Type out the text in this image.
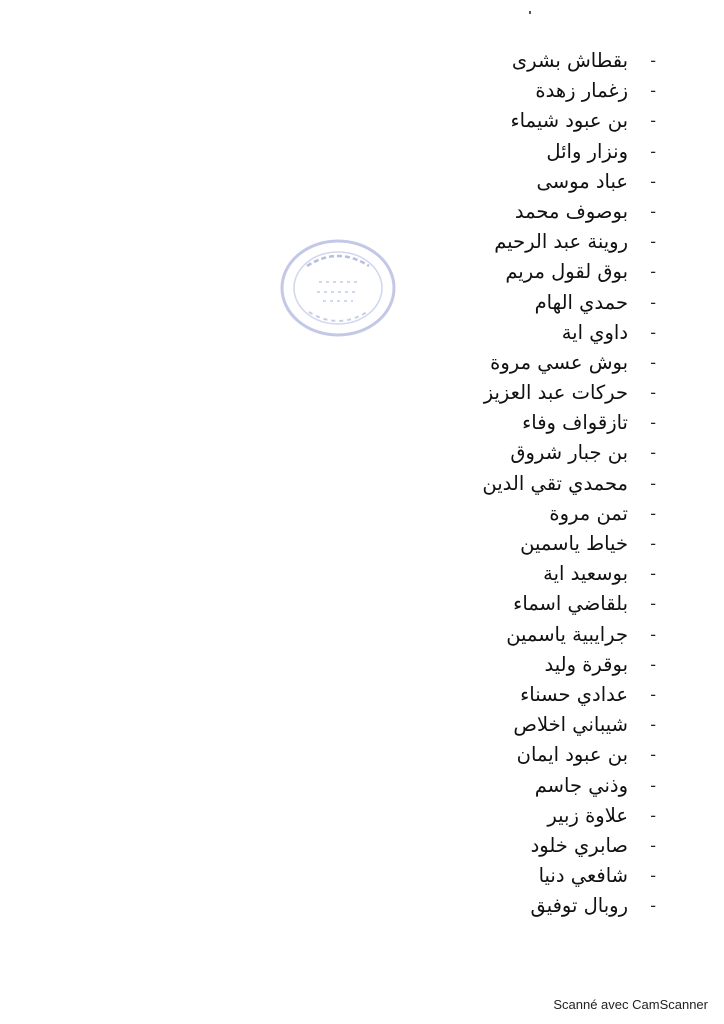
بقطاش بشرى -
زغمار زهدة -
بن عبود شيماء -
ونزار وائل -
عباد موسى -
بوصوف محمد -
روينة عبد الرحيم -
بوق لقول مريم -
حمدي الهام -
داوي اية -
بوش عسي مروة -
حركات عبد العزيز -
تازقواف وفاء -
بن جبار شروق -
محمدي تقي الدين -
تمن مروة -
خياط ياسمين -
بوسعيد اية -
بلقاضي اسماء -
جرايبية ياسمين -
بوقرة وليد -
عدادي حسناء -
شيباني اخلاص -
بن عبود ايمان -
وذني جاسم -
علاوة زبير -
صابري خلود -
شافعي دنيا -
روبال توفيق -
Scanné avec CamScanner
